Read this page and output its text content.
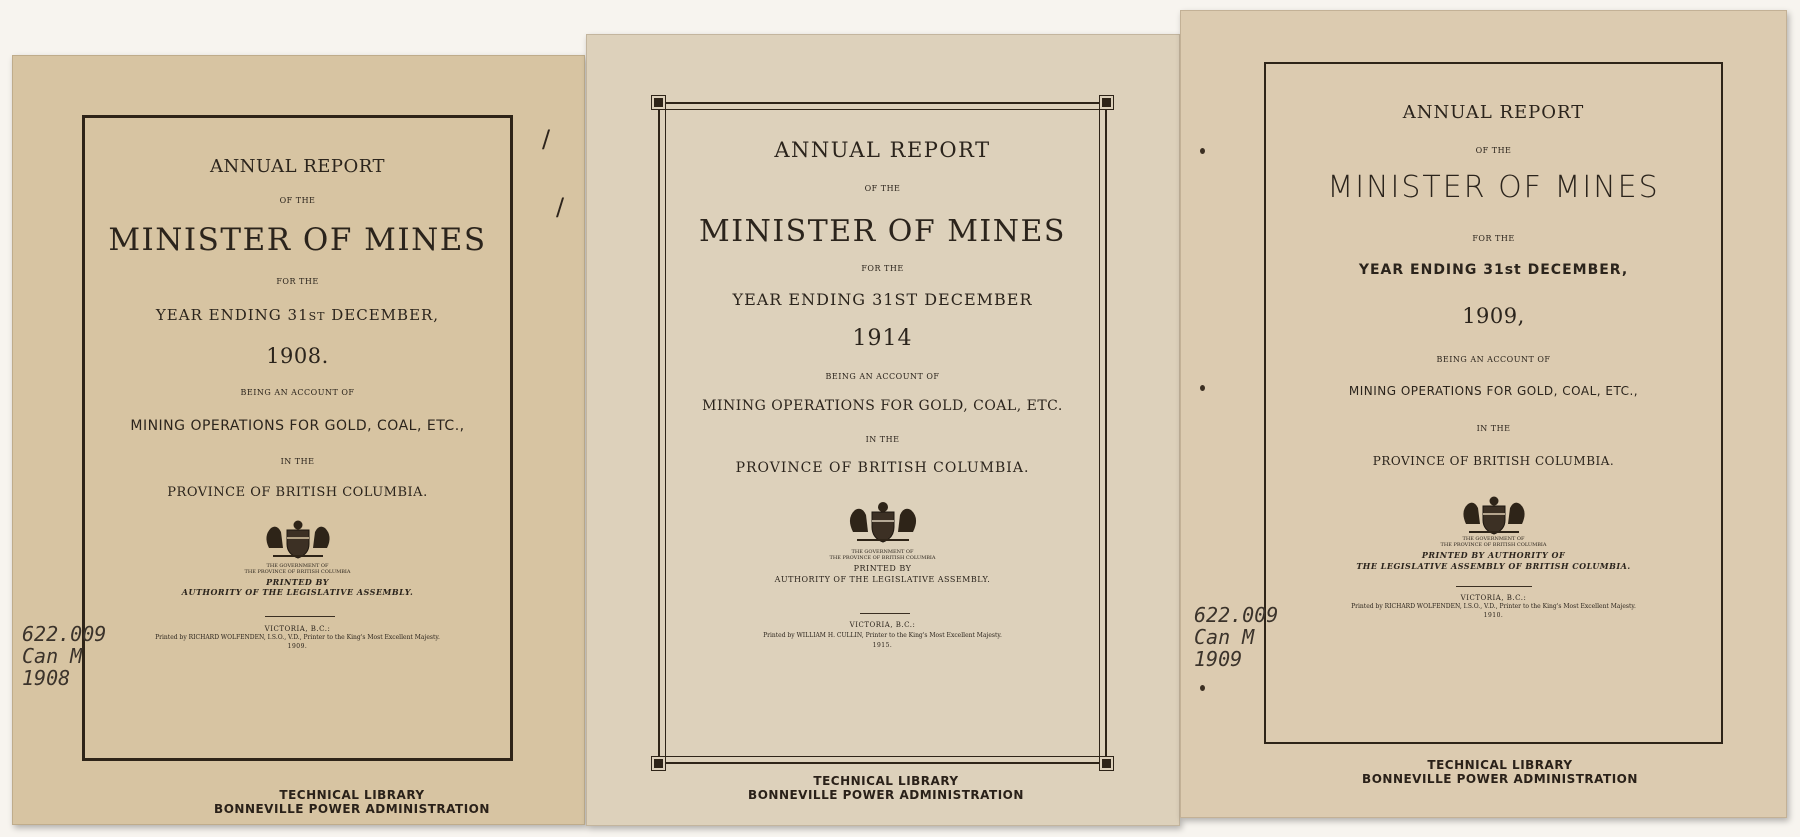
ANNUAL REPORT
OF THE
MINISTER OF MINES
FOR THE
YEAR ENDING 31st DECEMBER,
1908.
BEING AN ACCOUNT OF
MINING OPERATIONS FOR GOLD, COAL, ETC.,
IN THE
PROVINCE OF BRITISH COLUMBIA.
THE GOVERNMENT OF
THE PROVINCE OF BRITISH COLUMBIA
PRINTED BY
AUTHORITY OF THE LEGISLATIVE ASSEMBLY.
VICTORIA, B.C.:
Printed by RICHARD WOLFENDEN, I.S.O., V.D., Printer to the King's Most Excellent Majesty.
1909.
TECHNICAL LIBRARY
BONNEVILLE POWER ADMINISTRATION
622.009
Can M
1908
/
/
ANNUAL REPORT
OF THE
MINISTER OF MINES
FOR THE
YEAR ENDING 31ST DECEMBER
1914
BEING AN ACCOUNT OF
MINING OPERATIONS FOR GOLD, COAL, ETC.
IN THE
PROVINCE OF BRITISH COLUMBIA.
THE GOVERNMENT OF
THE PROVINCE OF BRITISH COLUMBIA
PRINTED BY
AUTHORITY OF THE LEGISLATIVE ASSEMBLY.
VICTORIA, B.C.:
Printed by WILLIAM H. CULLIN, Printer to the King's Most Excellent Majesty.
1915.
TECHNICAL LIBRARY
BONNEVILLE POWER ADMINISTRATION
ANNUAL REPORT
OF THE
MINISTER OF MINES
FOR THE
YEAR ENDING 31st DECEMBER,
1909,
BEING AN ACCOUNT OF
MINING OPERATIONS FOR GOLD, COAL, ETC.,
IN THE
PROVINCE OF BRITISH COLUMBIA.
THE GOVERNMENT OF
THE PROVINCE OF BRITISH COLUMBIA
PRINTED BY AUTHORITY OF
THE LEGISLATIVE ASSEMBLY OF BRITISH COLUMBIA.
VICTORIA, B.C.:
Printed by RICHARD WOLFENDEN, I.S.O., V.D., Printer to the King's Most Excellent Majesty.
1910.
TECHNICAL LIBRARY
BONNEVILLE POWER ADMINISTRATION
622.009
Can M
1909
